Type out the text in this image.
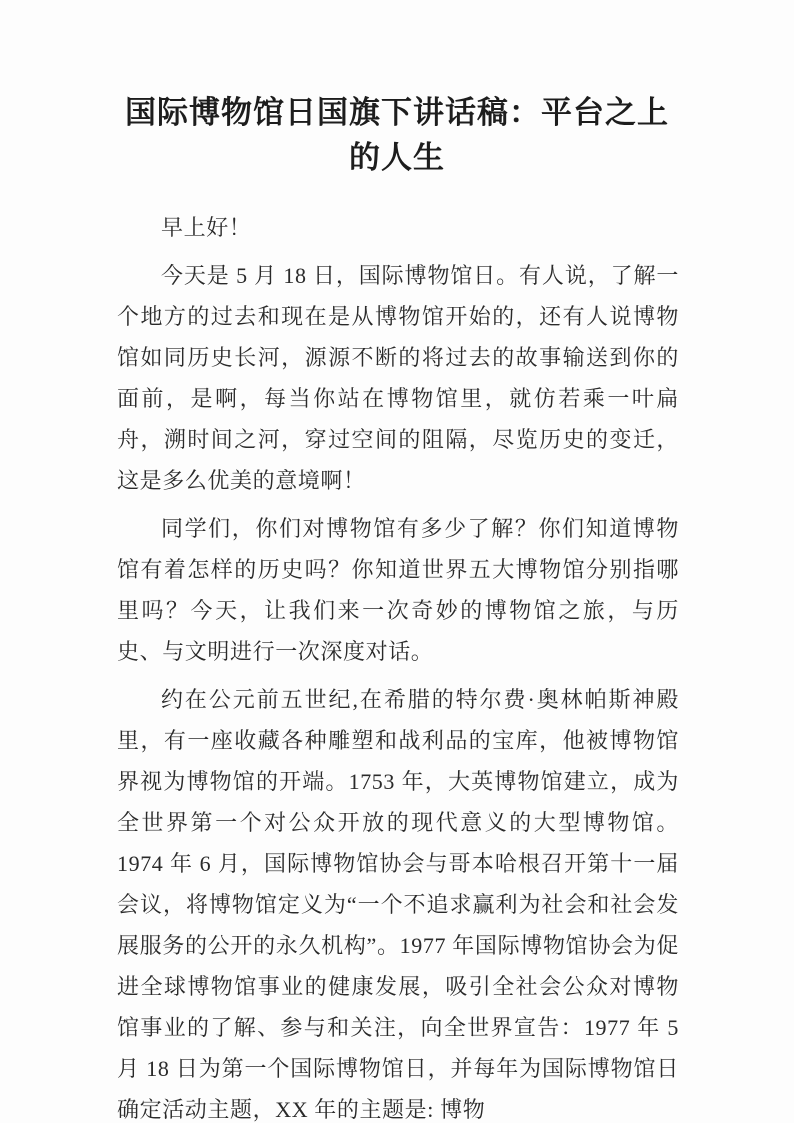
国际博物馆日国旗下讲话稿：平台之上
的人生

早上好！

今天是 5 月 18 日，国际博物馆日。有人说，了解一个地方的过去和现在是从博物馆开始的，还有人说博物馆如同历史长河，源源不断的将过去的故事输送到你的面前，是啊，每当你站在博物馆里，就仿若乘一叶扁舟，溯时间之河，穿过空间的阻隔，尽览历史的变迁，这是多么优美的意境啊！

同学们，你们对博物馆有多少了解？你们知道博物馆有着怎样的历史吗？你知道世界五大博物馆分别指哪里吗？今天，让我们来一次奇妙的博物馆之旅，与历史、与文明进行一次深度对话。

约在公元前五世纪,在希腊的特尔费·奥林帕斯神殿里，有一座收藏各种雕塑和战利品的宝库，他被博物馆界视为博物馆的开端。1753 年，大英博物馆建立，成为全世界第一个对公众开放的现代意义的大型博物馆。1974 年 6 月，国际博物馆协会与哥本哈根召开第十一届会议，将博物馆定义为“一个不追求赢利为社会和社会发展服务的公开的永久机构”。1977 年国际博物馆协会为促进全球博物馆事业的健康发展，吸引全社会公众对博物馆事业的了解、参与和关注，向全世界宣告：1977 年 5 月 18 日为第一个国际博物馆日，并每年为国际博物馆日确定活动主题，XX 年的主题是: 博物
